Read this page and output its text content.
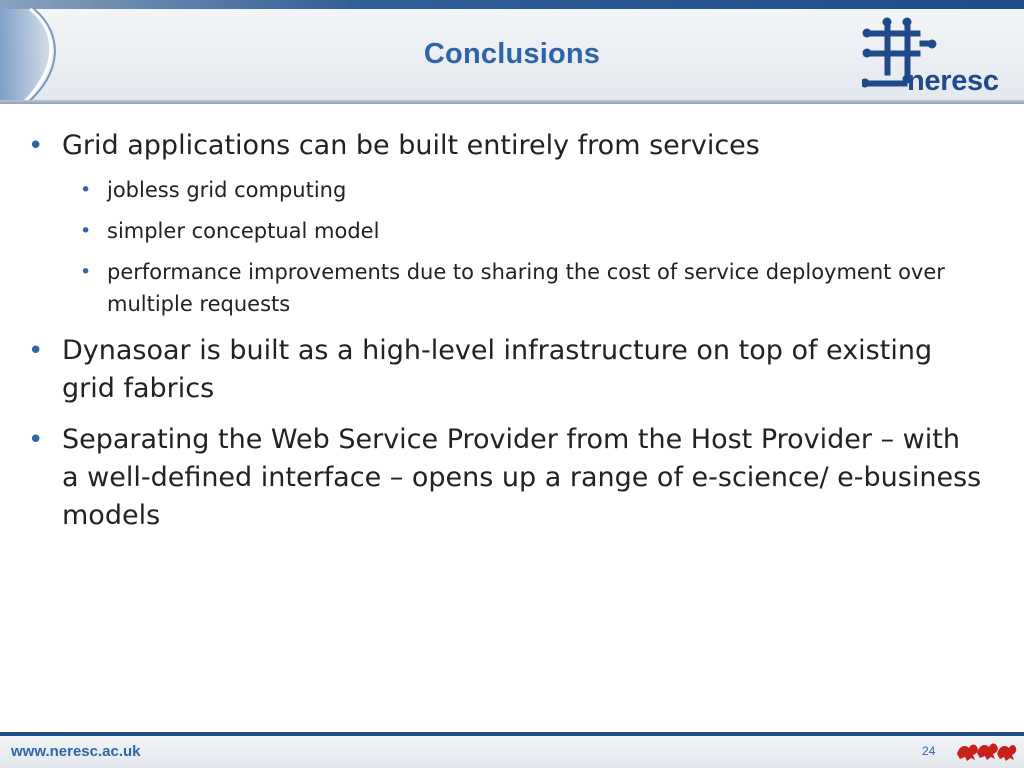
Conclusions
neresc
• Grid applications can be built entirely from services
• jobless grid computing
• simpler conceptual model
• performance improvements due to sharing the cost of service deployment over multiple requests
• Dynasoar is built as a high-level infrastructure on top of existing grid fabrics
• Separating the Web Service Provider from the Host Provider – with a well-defined interface – opens up a range of e-science/ e-business models
www.neresc.ac.uk	24
